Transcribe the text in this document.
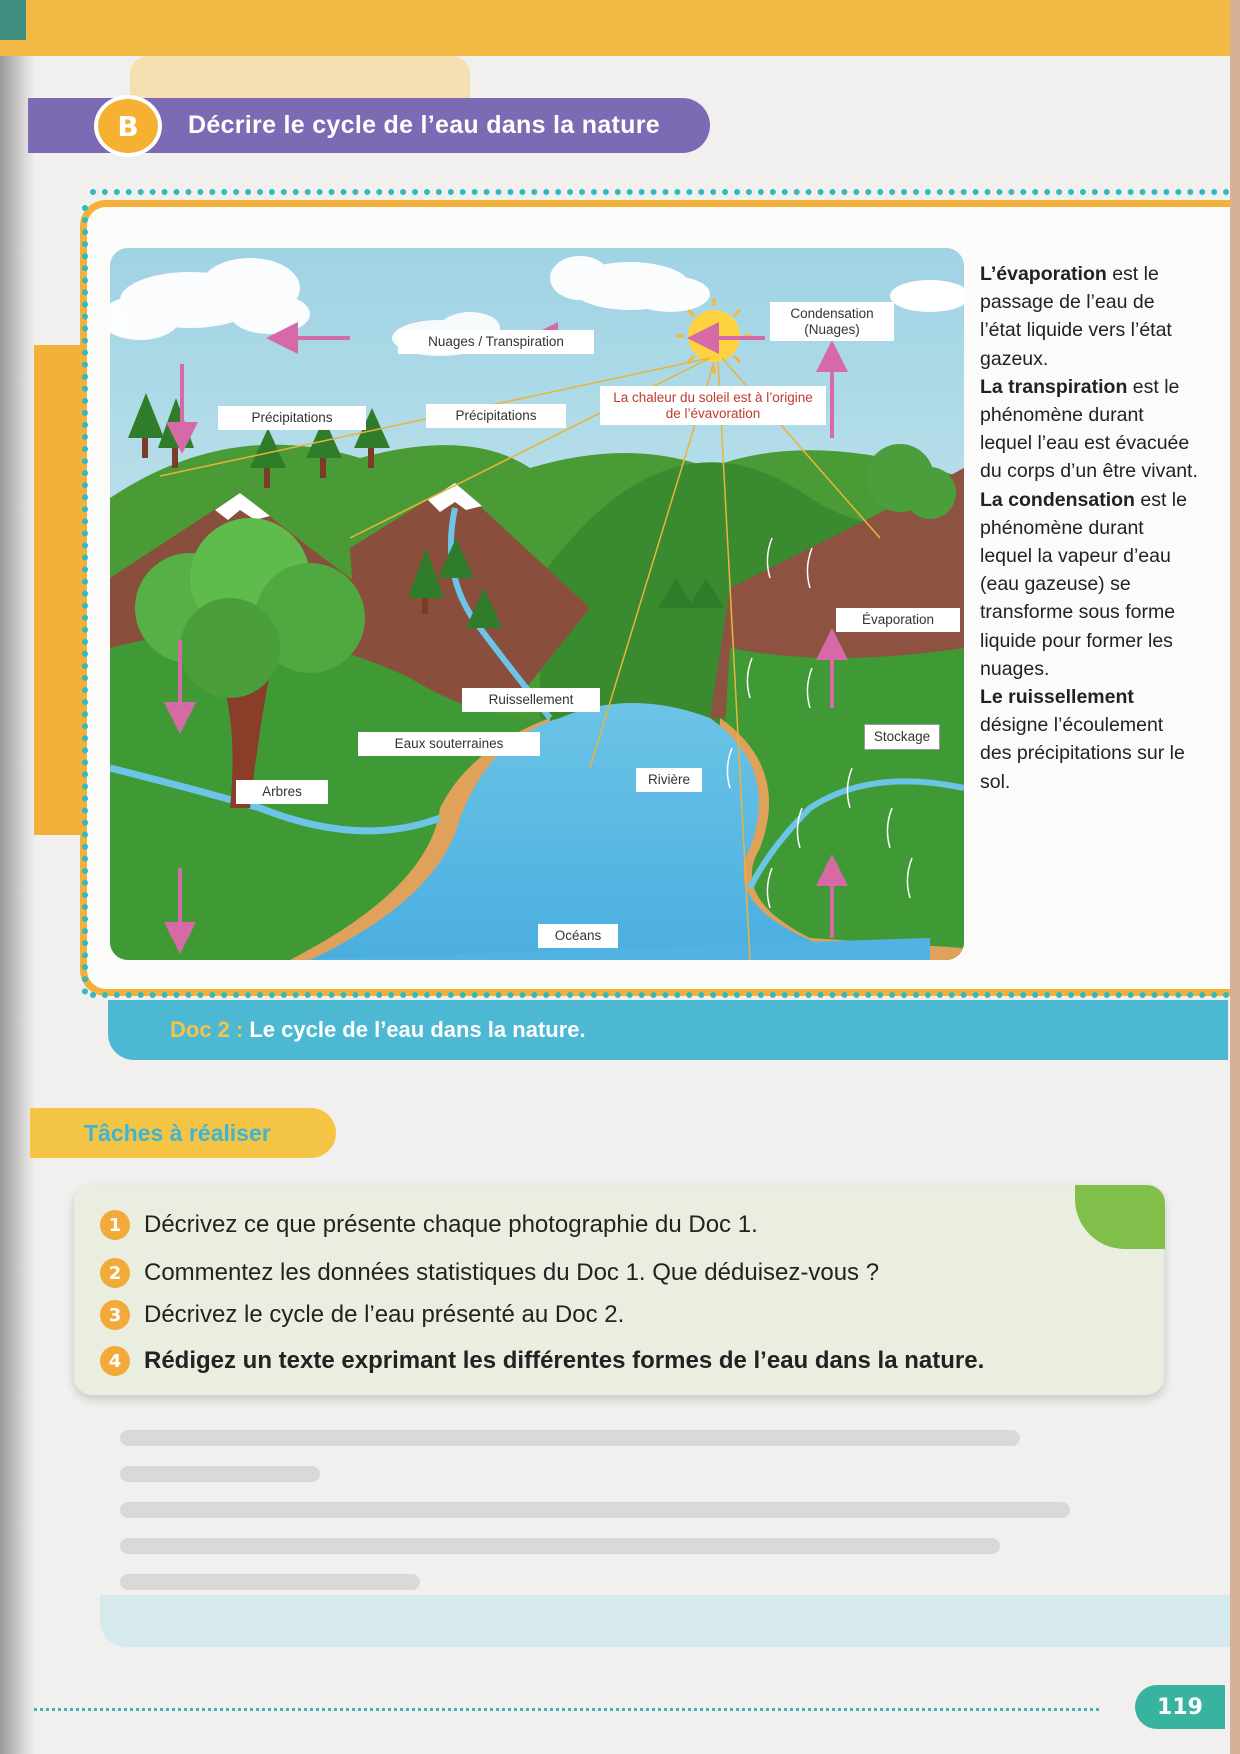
Décrire le cycle de l’eau dans la nature
B
Nuages / Transpiration
Condensation
(Nuages)
Précipitations	Précipitations
La chaleur du soleil est à l’origine
de l’évavoration
Évaporation
Ruissellement
Stockage
Eaux souterraines
Rivière
Arbres
Océans
L’évaporation est le passage de l’eau de l’état liquide vers l’état gazeux.
La transpiration est le phénomène durant lequel l’eau est évacuée du corps d’un être vivant.
La condensation est le phénomène durant lequel la vapeur d’eau (eau gazeuse) se transforme sous forme liquide pour former les nuages.
Le ruissellement désigne l’écoulement des précipitations sur le sol.
Doc 2 : Le cycle de l’eau dans la nature.
Tâches à réaliser
1 Décrivez ce que présente chaque photographie du Doc 1.
2 Commentez les données statistiques du Doc 1. Que déduisez-vous ?
3 Décrivez le cycle de l’eau présenté au Doc 2.
4 Rédigez un texte exprimant les différentes formes de l’eau dans la nature.
119
